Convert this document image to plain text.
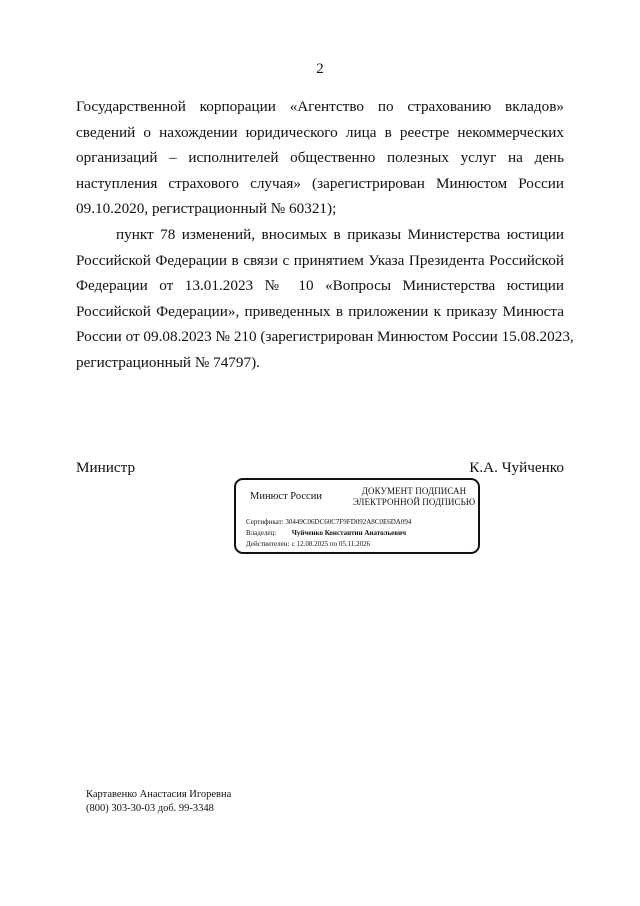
2
Государственной корпорации «Агентство по страхованию вкладов»
сведений о нахождении юридического лица в реестре некоммерческих
организаций – исполнителей общественно полезных услуг на день
наступления страхового случая» (зарегистрирован Минюстом России
09.10.2020, регистрационный № 60321);
пункт 78 изменений, вносимых в приказы Министерства юстиции
Российской Федерации в связи с принятием Указа Президента Российской
Федерации от 13.01.2023 № 10 «Вопросы Министерства юстиции
Российской Федерации», приведенных в приложении к приказу Минюста
России от 09.08.2023 № 210 (зарегистрирован Минюстом России 15.08.2023,
регистрационный № 74797).
Министр	К.А. Чуйченко
Минюст России	ДОКУМЕНТ ПОДПИСАН
ЭЛЕКТРОННОЙ ПОДПИСЬЮ
Сертификат: 30449C06DC60C7F9FD092A8C0E6DA094
Владелец: Чуйченко Константин Анатольевич
Действителен: с 12.08.2025 по 05.11.2026
Картавенко Анастасия Игоревна
(800) 303-30-03 доб. 99-3348
